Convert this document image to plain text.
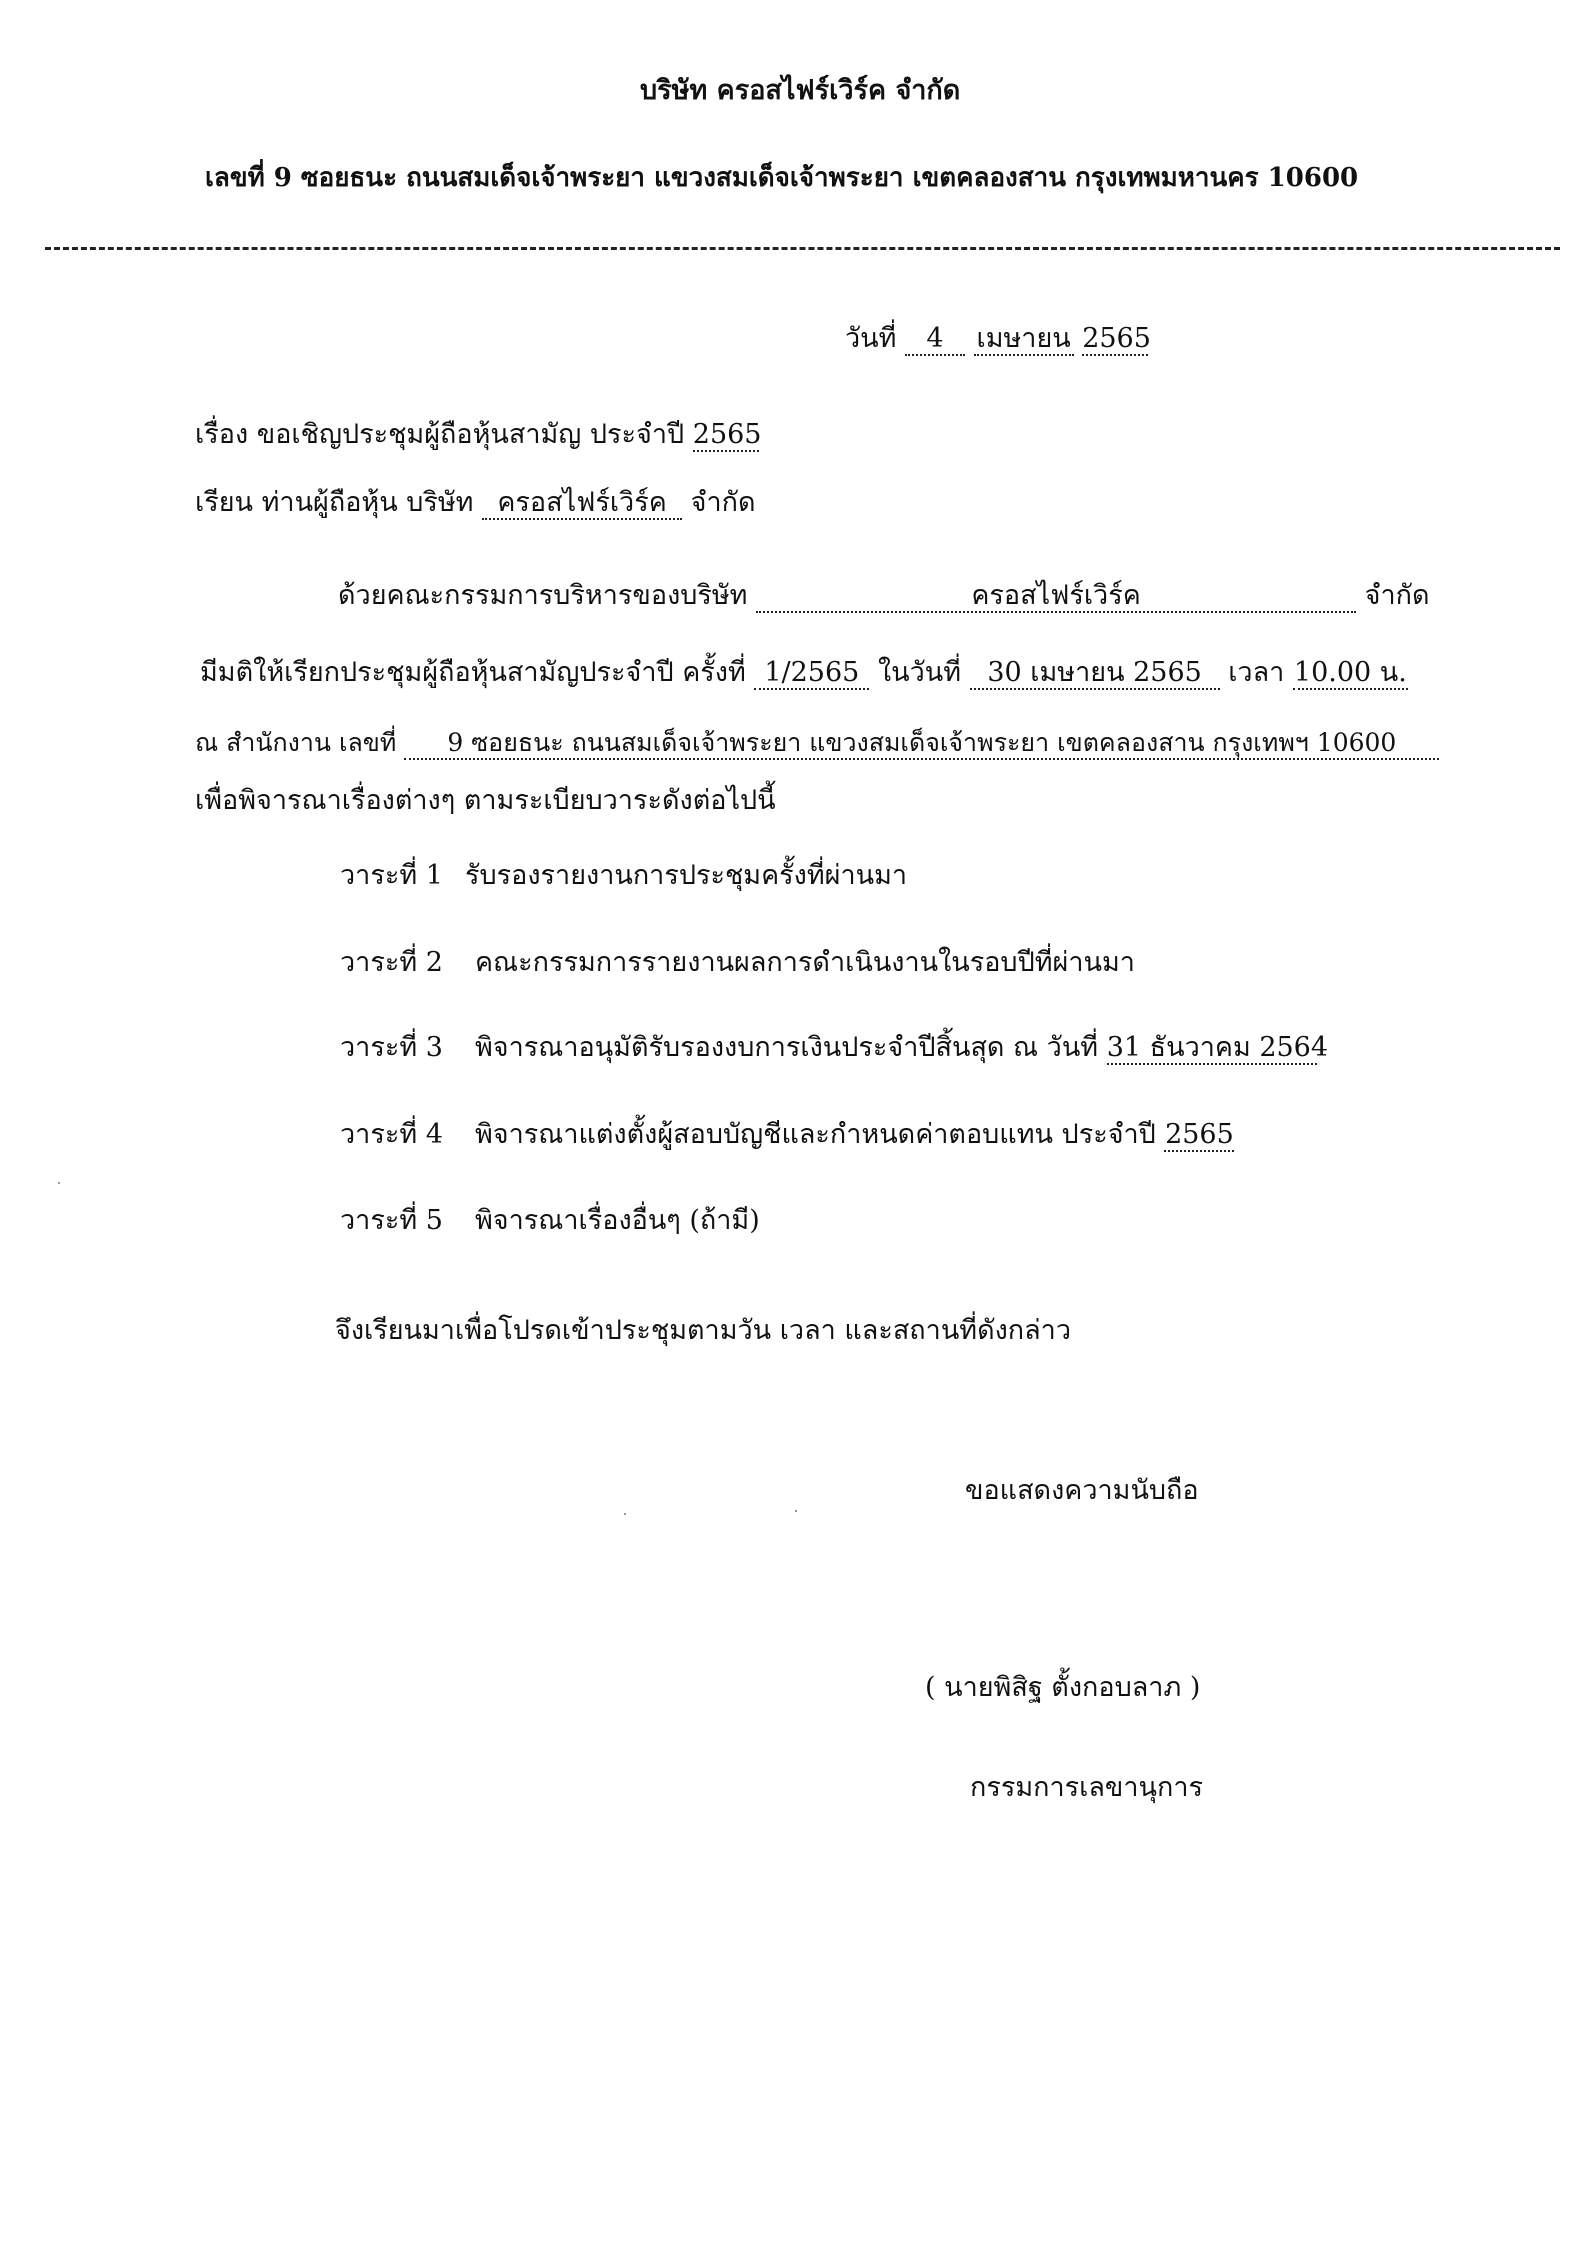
บริษัท ครอสไฟร์เวิร์ค จำกัด
เลขที่ 9 ซอยธนะ ถนนสมเด็จเจ้าพระยา แขวงสมเด็จเจ้าพระยา เขตคลองสาน กรุงเทพมหานคร 10600
วันที่ 4 เมษายน 2565
เรื่อง ขอเชิญประชุมผู้ถือหุ้นสามัญ ประจำปี 2565
เรียน ท่านผู้ถือหุ้น บริษัท ครอสไฟร์เวิร์ค จำกัด
ด้วยคณะกรรมการบริหารของบริษัท	ครอสไฟร์เวิร์ค	จำกัด
มีมติให้เรียกประชุมผู้ถือหุ้นสามัญประจำปี ครั้งที่ 1/2565 ในวันที่ 30 เมษายน 2565 เวลา 10.00 น.
ณ สำนักงาน เลขที่ 9 ซอยธนะ ถนนสมเด็จเจ้าพระยา แขวงสมเด็จเจ้าพระยา เขตคลองสาน กรุงเทพฯ 10600
เพื่อพิจารณาเรื่องต่างๆ ตามระเบียบวาระดังต่อไปนี้
วาระที่ 1 รับรองรายงานการประชุมครั้งที่ผ่านมา
วาระที่ 2 คณะกรรมการรายงานผลการดำเนินงานในรอบปีที่ผ่านมา
วาระที่ 3 พิจารณาอนุมัติรับรองงบการเงินประจำปีสิ้นสุด ณ วันที่ 31 ธันวาคม 2564
วาระที่ 4 พิจารณาแต่งตั้งผู้สอบบัญชีและกำหนดค่าตอบแทน ประจำปี 2565
วาระที่ 5 พิจารณาเรื่องอื่นๆ (ถ้ามี)
จึงเรียนมาเพื่อโปรดเข้าประชุมตามวัน เวลา และสถานที่ดังกล่าว
ขอแสดงความนับถือ
( นายพิสิฐ ตั้งกอบลาภ )
กรรมการเลขานุการ
